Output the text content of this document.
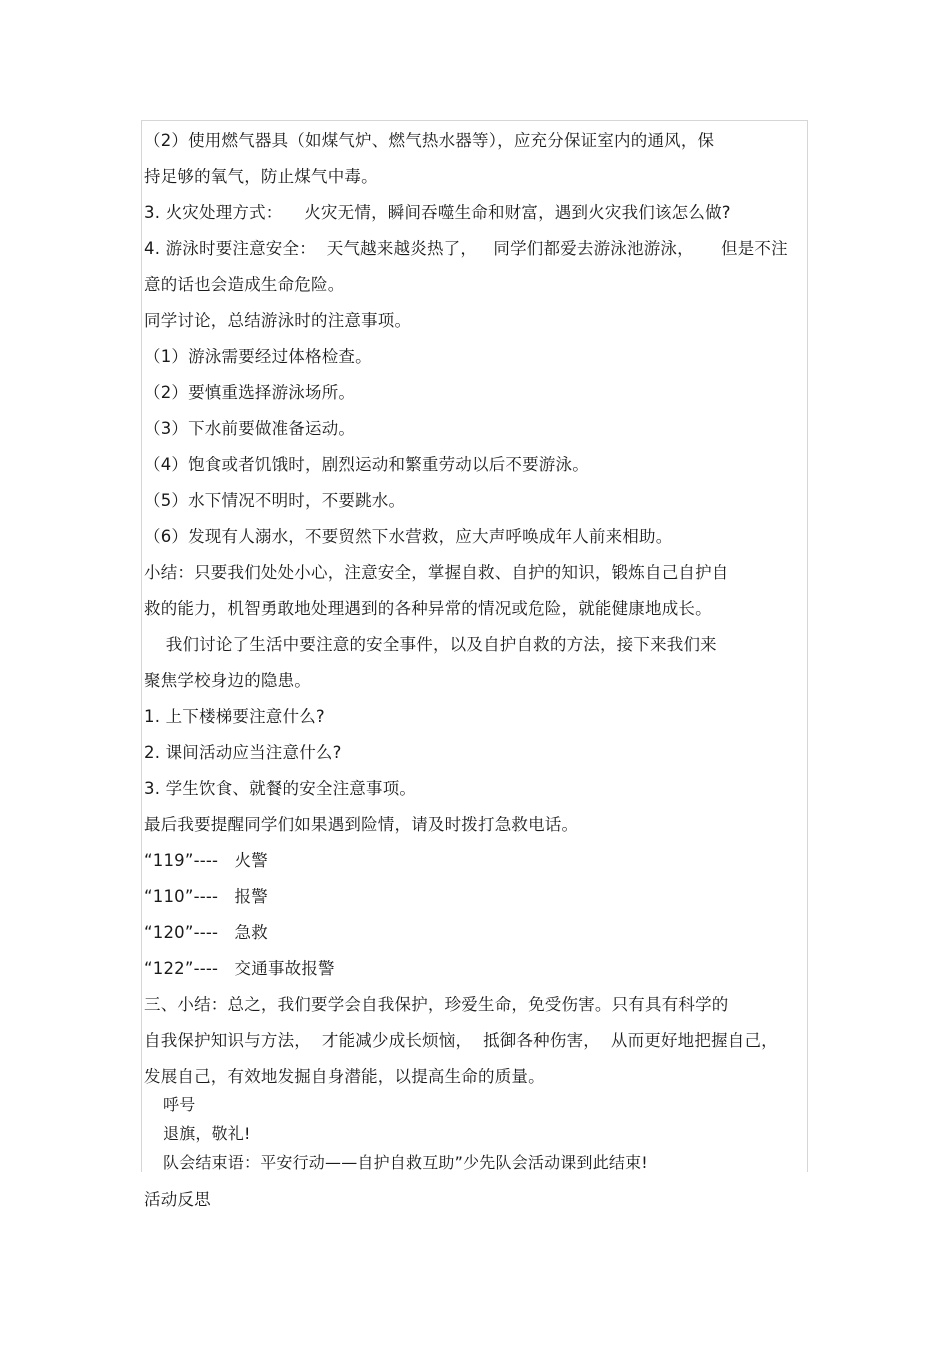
（2）使用燃气器具（如煤气炉、燃气热水器等），应充分保证室内的通风，保
持足够的氧气，防止煤气中毒。
3. 火灾处理方式：    火灾无情，瞬间吞噬生命和财富，遇到火灾我们该怎么做?
4. 游泳时要注意安全：  天气越来越炎热了，   同学们都爱去游泳池游泳，     但是不注
意的话也会造成生命危险。
同学讨论，总结游泳时的注意事项。
（1）游泳需要经过体格检查。
（2）要慎重选择游泳场所。
（3）下水前要做准备运动。
（4）饱食或者饥饿时，剧烈运动和繁重劳动以后不要游泳。
（5）水下情况不明时，不要跳水。
（6）发现有人溺水，不要贸然下水营救，应大声呼唤成年人前来相助。
小结：只要我们处处小心，注意安全，掌握自救、自护的知识，锻炼自己自护自
救的能力，机智勇敢地处理遇到的各种异常的情况或危险，就能健康地成长。
我们讨论了生活中要注意的安全事件，以及自护自救的方法，接下来我们来
聚焦学校身边的隐患。
1. 上下楼梯要注意什么?
2. 课间活动应当注意什么?
3. 学生饮食、就餐的安全注意事项。
最后我要提醒同学们如果遇到险情，请及时拨打急救电话。
“119”----   火警
“110”----   报警
“120”----   急救
“122”----   交通事故报警
三、小结：总之，我们要学会自我保护，珍爱生命，免受伤害。只有具有科学的
自我保护知识与方法，  才能减少成长烦恼，  抵御各种伤害，  从而更好地把握自己，
发展自己，有效地发掘自身潜能，以提高生命的质量。
呼号
退旗，敬礼!
队会结束语：平安行动——自护自救互助”少先队会活动课到此结束!
活动反思
